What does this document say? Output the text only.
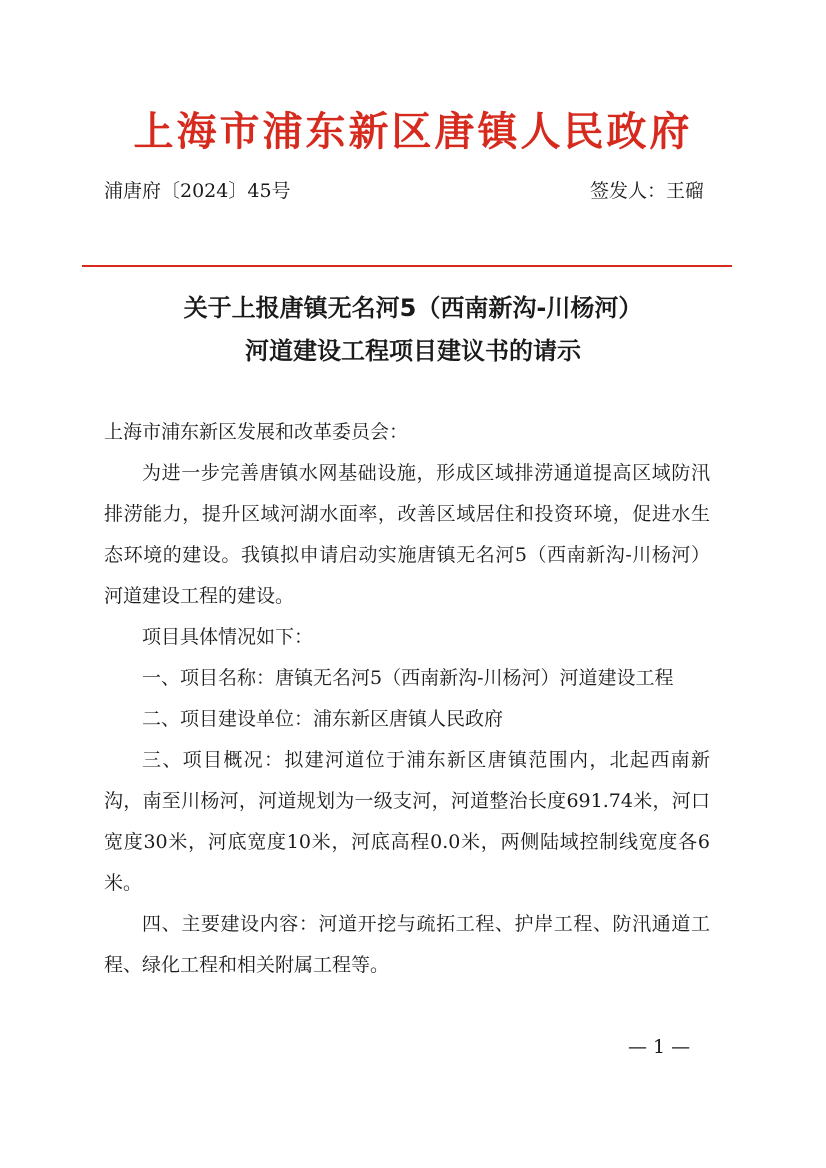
上海市浦东新区唐镇人民政府
浦唐府〔2024〕45号	签发人：王磂
关于上报唐镇无名河5（西南新沟-川杨河）
河道建设工程项目建议书的请示

上海市浦东新区发展和改革委员会：

为进一步完善唐镇水网基础设施，形成区域排涝通道提高区域防汛排涝能力，提升区域河湖水面率，改善区域居住和投资环境，促进水生态环境的建设。我镇拟申请启动实施唐镇无名河5（西南新沟-川杨河）河道建设工程的建设。

项目具体情况如下：

一、项目名称：唐镇无名河5（西南新沟-川杨河）河道建设工程

二、项目建设单位：浦东新区唐镇人民政府

三、项目概况：拟建河道位于浦东新区唐镇范围内，北起西南新沟，南至川杨河，河道规划为一级支河，河道整治长度691.74米，河口宽度30米，河底宽度10米，河底高程0.0米，两侧陆域控制线宽度各6米。

四、主要建设内容：河道开挖与疏拓工程、护岸工程、防汛通道工程、绿化工程和相关附属工程等。

— 1 —
